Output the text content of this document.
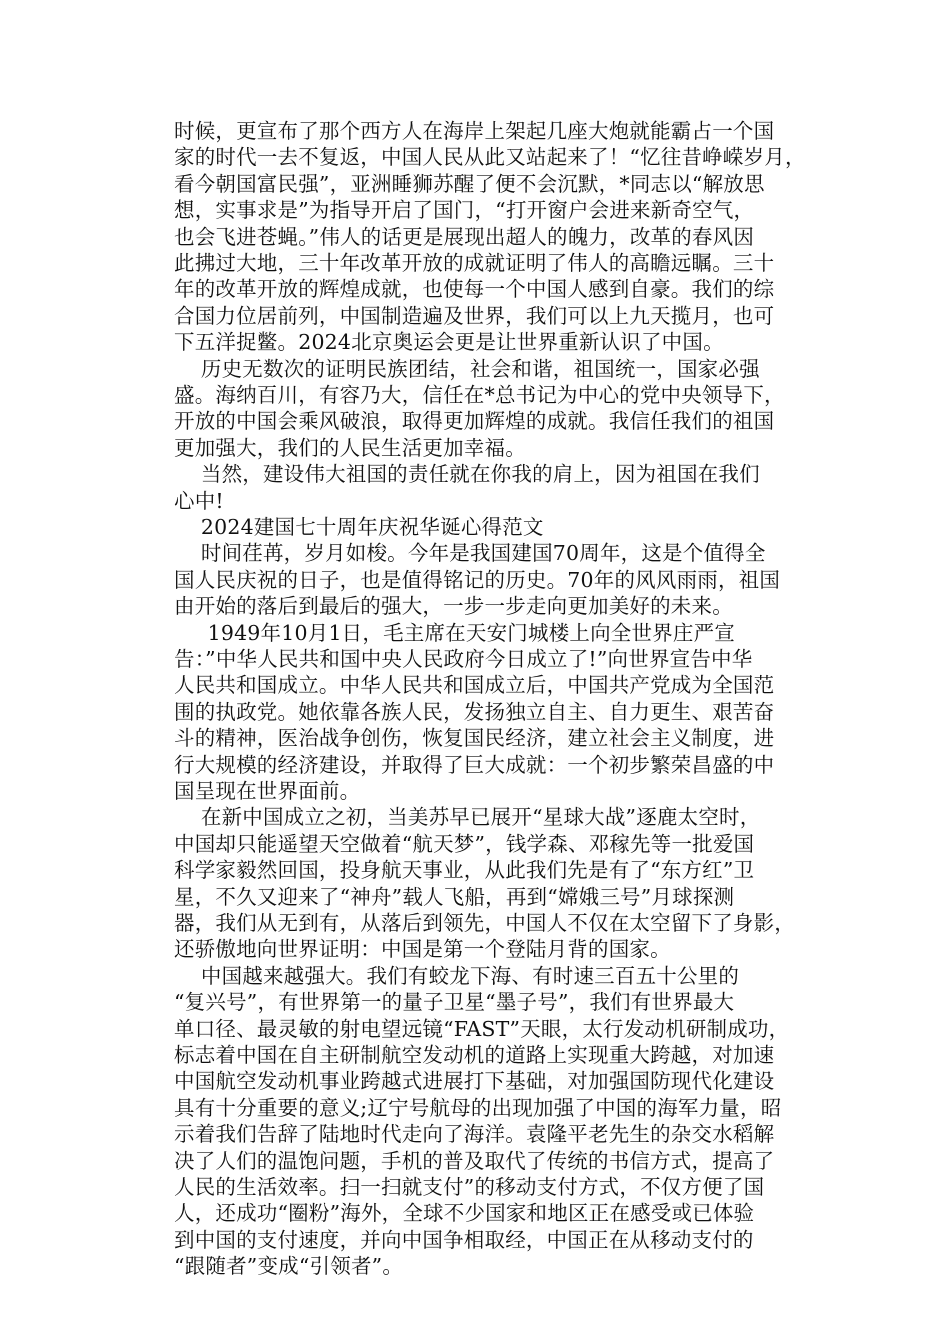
时候，更宣布了那个西方人在海岸上架起几座大炮就能霸占一个国
家的时代一去不复返，中国人民从此又站起来了！“忆往昔峥嵘岁月，
看今朝国富民强”，亚洲睡狮苏醒了便不会沉默，*同志以“解放思
想，实事求是”为指导开启了国门，“打开窗户会进来新奇空气，
也会飞进苍蝇。”伟人的话更是展现出超人的魄力，改革的春风因
此拂过大地，三十年改革开放的成就证明了伟人的高瞻远瞩。三十
年的改革开放的辉煌成就，也使每一个中国人感到自豪。我们的综
合国力位居前列，中国制造遍及世界，我们可以上九天揽月，也可
下五洋捉鳖。2024北京奥运会更是让世界重新认识了中国。
历史无数次的证明民族团结，社会和谐，祖国统一，国家必强
盛。海纳百川，有容乃大，信任在*总书记为中心的党中央领导下，
开放的中国会乘风破浪，取得更加辉煌的成就。我信任我们的祖国
更加强大，我们的人民生活更加幸福。
当然，建设伟大祖国的责任就在你我的肩上，因为祖国在我们
心中!
2024建国七十周年庆祝华诞心得范文
时间荏苒，岁月如梭。今年是我国建国70周年，这是个值得全
国人民庆祝的日子，也是值得铭记的历史。70年的风风雨雨，祖国
由开始的落后到最后的强大，一步一步走向更加美好的未来。
1949年10月1日，毛主席在天安门城楼上向全世界庄严宣
告：”中华人民共和国中央人民政府今日成立了!”向世界宣告中华
人民共和国成立。中华人民共和国成立后，中国共产党成为全国范
围的执政党。她依靠各族人民，发扬独立自主、自力更生、艰苦奋
斗的精神，医治战争创伤，恢复国民经济，建立社会主义制度，进
行大规模的经济建设，并取得了巨大成就：一个初步繁荣昌盛的中
国呈现在世界面前。
在新中国成立之初，当美苏早已展开“星球大战”逐鹿太空时，
中国却只能遥望天空做着“航天梦”，钱学森、邓稼先等一批爱国
科学家毅然回国，投身航天事业，从此我们先是有了“东方红”卫
星，不久又迎来了“神舟”载人飞船，再到“嫦娥三号”月球探测
器，我们从无到有，从落后到领先，中国人不仅在太空留下了身影，
还骄傲地向世界证明：中国是第一个登陆月背的国家。
中国越来越强大。我们有蛟龙下海、有时速三百五十公里的
“复兴号”，有世界第一的量子卫星“墨子号”，我们有世界最大
单口径、最灵敏的射电望远镜“FAST”天眼，太行发动机研制成功，
标志着中国在自主研制航空发动机的道路上实现重大跨越，对加速
中国航空发动机事业跨越式进展打下基础，对加强国防现代化建设
具有十分重要的意义;辽宁号航母的出现加强了中国的海军力量，昭
示着我们告辞了陆地时代走向了海洋。袁隆平老先生的杂交水稻解
决了人们的温饱问题，手机的普及取代了传统的书信方式，提高了
人民的生活效率。扫一扫就支付”的移动支付方式，不仅方便了国
人，还成功“圈粉”海外，全球不少国家和地区正在感受或已体验
到中国的支付速度，并向中国争相取经，中国正在从移动支付的
“跟随者”变成“引领者”。
